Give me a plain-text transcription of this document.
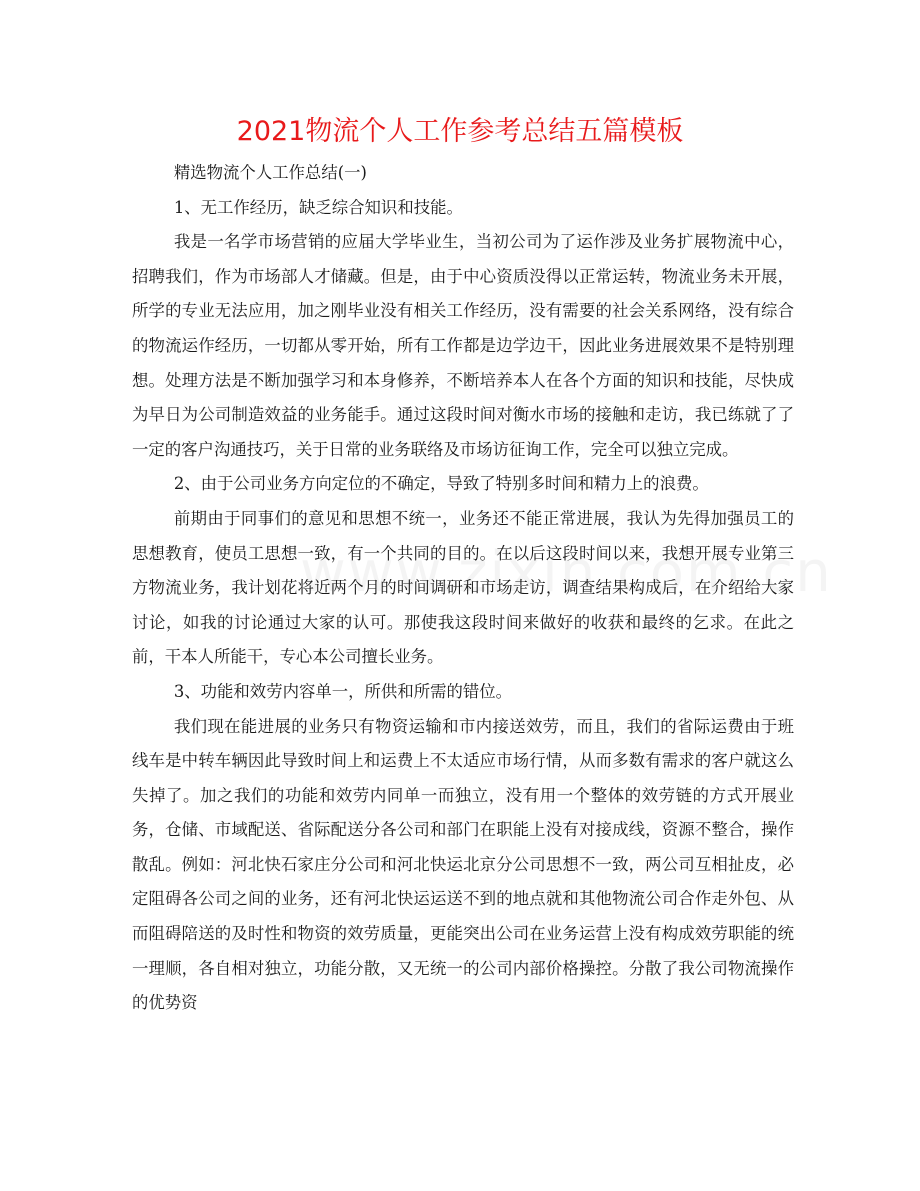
2021物流个人工作参考总结五篇模板

精选物流个人工作总结(一)

1、无工作经历，缺乏综合知识和技能。

我是一名学市场营销的应届大学毕业生，当初公司为了运作涉及业务扩展物流中心，招聘我们，作为市场部人才储藏。但是，由于中心资质没得以正常运转，物流业务未开展，所学的专业无法应用，加之刚毕业没有相关工作经历，没有需要的社会关系网络，没有综合的物流运作经历，一切都从零开始，所有工作都是边学边干，因此业务进展效果不是特别理想。处理方法是不断加强学习和本身修养，不断培养本人在各个方面的知识和技能，尽快成为早日为公司制造效益的业务能手。通过这段时间对衡水市场的接触和走访，我已练就了了一定的客户沟通技巧，关于日常的业务联络及市场访征询工作，完全可以独立完成。

2、由于公司业务方向定位的不确定，导致了特别多时间和精力上的浪费。

前期由于同事们的意见和思想不统一，业务还不能正常进展，我认为先得加强员工的思想教育，使员工思想一致，有一个共同的目的。在以后这段时间以来，我想开展专业第三方物流业务，我计划花将近两个月的时间调研和市场走访，调查结果构成后，在介绍给大家讨论，如我的讨论通过大家的认可。那使我这段时间来做好的收获和最终的乞求。在此之前，干本人所能干，专心本公司擅长业务。

3、功能和效劳内容单一，所供和所需的错位。

我们现在能进展的业务只有物资运输和市内接送效劳，而且，我们的省际运费由于班线车是中转车辆因此导致时间上和运费上不太适应市场行情，从而多数有需求的客户就这么失掉了。加之我们的功能和效劳内同单一而独立，没有用一个整体的效劳链的方式开展业务，仓储、市域配送、省际配送分各公司和部门在职能上没有对接成线，资源不整合，操作散乱。例如：河北快石家庄分公司和河北快运北京分公司思想不一致，两公司互相扯皮，必定阻碍各公司之间的业务，还有河北快运运送不到的地点就和其他物流公司合作走外包、从而阻碍陪送的及时性和物资的效劳质量，更能突出公司在业务运营上没有构成效劳职能的统一理顺，各自相对独立，功能分散，又无统一的公司内部价格操控。分散了我公司物流操作的优势资
